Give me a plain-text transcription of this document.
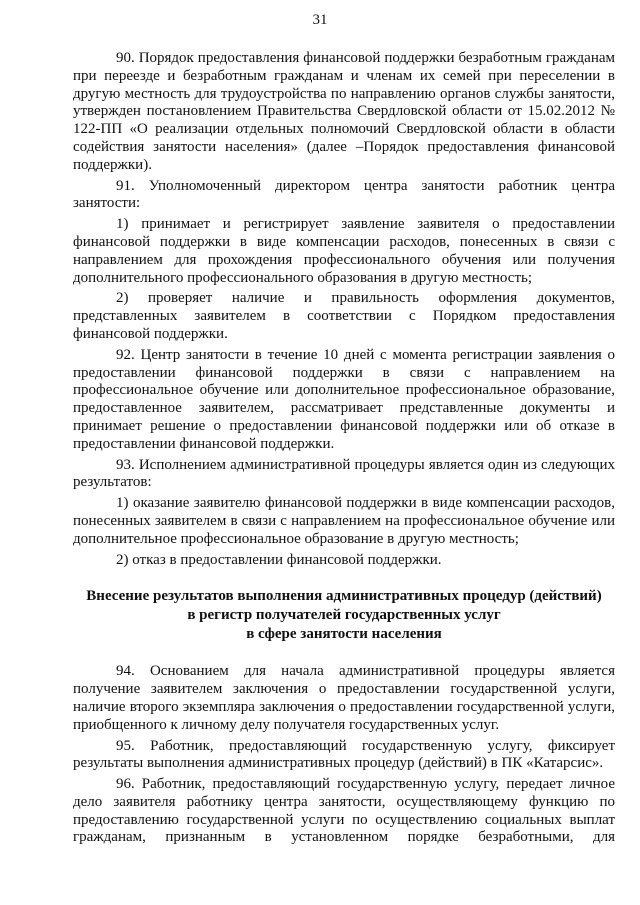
31

90. Порядок предоставления финансовой поддержки безработным гражданам при переезде и безработным гражданам и членам их семей при переселении в другую местность для трудоустройства по направлению органов службы занятости, утвержден постановлением Правительства Свердловской области от 15.02.2012 № 122-ПП «О реализации отдельных полномочий Свердловской области в области содействия занятости населения» (далее –Порядок предоставления финансовой поддержки).

91. Уполномоченный директором центра занятости работник центра занятости:

1) принимает и регистрирует заявление заявителя о предоставлении финансовой поддержки в виде компенсации расходов, понесенных в связи с направлением для прохождения профессионального обучения или получения дополнительного профессионального образования в другую местность;

2) проверяет наличие и правильность оформления документов, представленных заявителем в соответствии с Порядком предоставления финансовой поддержки.

92. Центр занятости в течение 10 дней с момента регистрации заявления о предоставлении финансовой поддержки в связи с направлением на профессиональное обучение или дополнительное профессиональное образование, предоставленное заявителем, рассматривает представленные документы и принимает решение о предоставлении финансовой поддержки или об отказе в предоставлении финансовой поддержки.

93. Исполнением административной процедуры является один из следующих результатов:

1) оказание заявителю финансовой поддержки в виде компенсации расходов, понесенных заявителем в связи с направлением на профессиональное обучение или дополнительное профессиональное образование в другую местность;

2) отказ в предоставлении финансовой поддержки.

Внесение результатов выполнения административных процедур (действий)
в регистр получателей государственных услуг
в сфере занятости населения

94. Основанием для начала административной процедуры является получение заявителем заключения о предоставлении государственной услуги, наличие второго экземпляра заключения о предоставлении государственной услуги, приобщенного к личному делу получателя государственных услуг.

95. Работник, предоставляющий государственную услугу, фиксирует результаты выполнения административных процедур (действий) в ПК «Катарсис».

96. Работник, предоставляющий государственную услугу, передает личное дело заявителя работнику центра занятости, осуществляющему функцию по предоставлению государственной услуги по осуществлению социальных выплат гражданам, признанным в установленном порядке безработными, для
